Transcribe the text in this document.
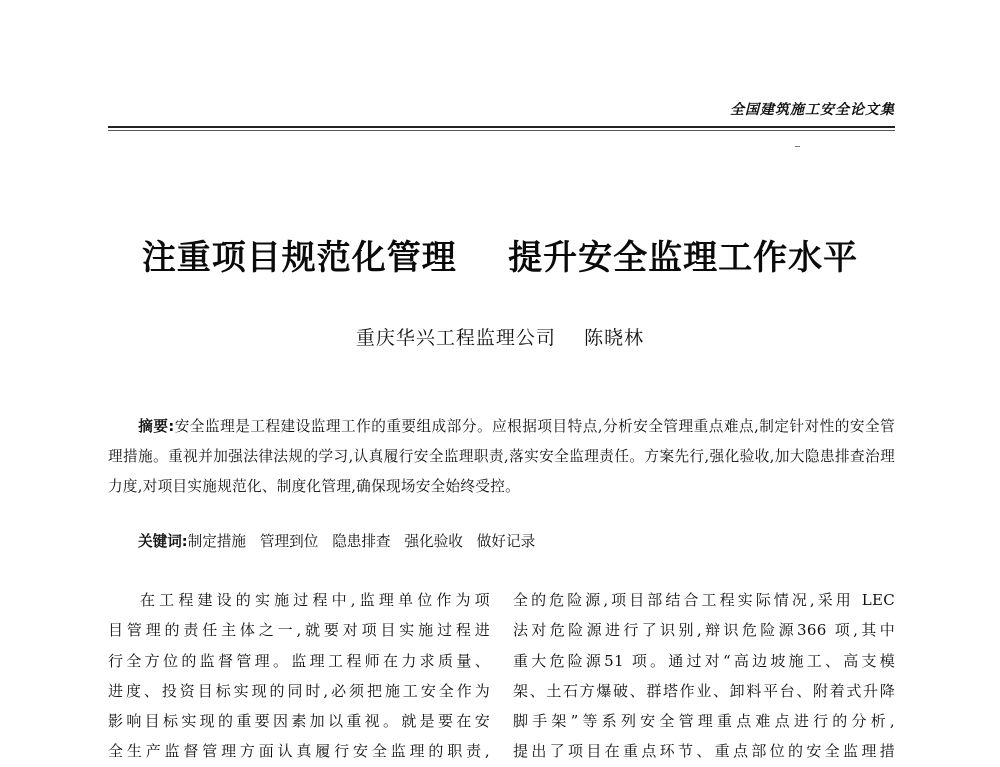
全国建筑施工安全论文集
注重项目规范化管理    提升安全监理工作水平
重庆华兴工程监理公司    陈晓林
摘要:安全监理是工程建设监理工作的重要组成部分。应根据项目特点,分析安全管理重点难点,制定针对性的安全管理措施。重视并加强法律法规的学习,认真履行安全监理职责,落实安全监理责任。方案先行,强化验收,加大隐患排查治理力度,对项目实施规范化、制度化管理,确保现场安全始终受控。
关键词:制定措施   管理到位   隐患排查   强化验收   做好记录
在工程建设的实施过程中,监理单位作为项
目管理的责任主体之一,就要对项目实施过程进
行全方位的监督管理。监理工程师在力求质量、
进度、投资目标实现的同时,必须把施工安全作为
影响目标实现的重要因素加以重视。就是要在安
全生产监督管理方面认真履行安全监理的职责,
全的危险源,项目部结合工程实际情况,采用 LEC
法对危险源进行了识别,辩识危险源366 项,其中
重大危险源51 项。通过对“高边坡施工、高支模
架、土石方爆破、群塔作业、卸料平台、附着式升降
脚手架”等系列安全管理重点难点进行的分析,
提出了项目在重点环节、重点部位的安全监理措
